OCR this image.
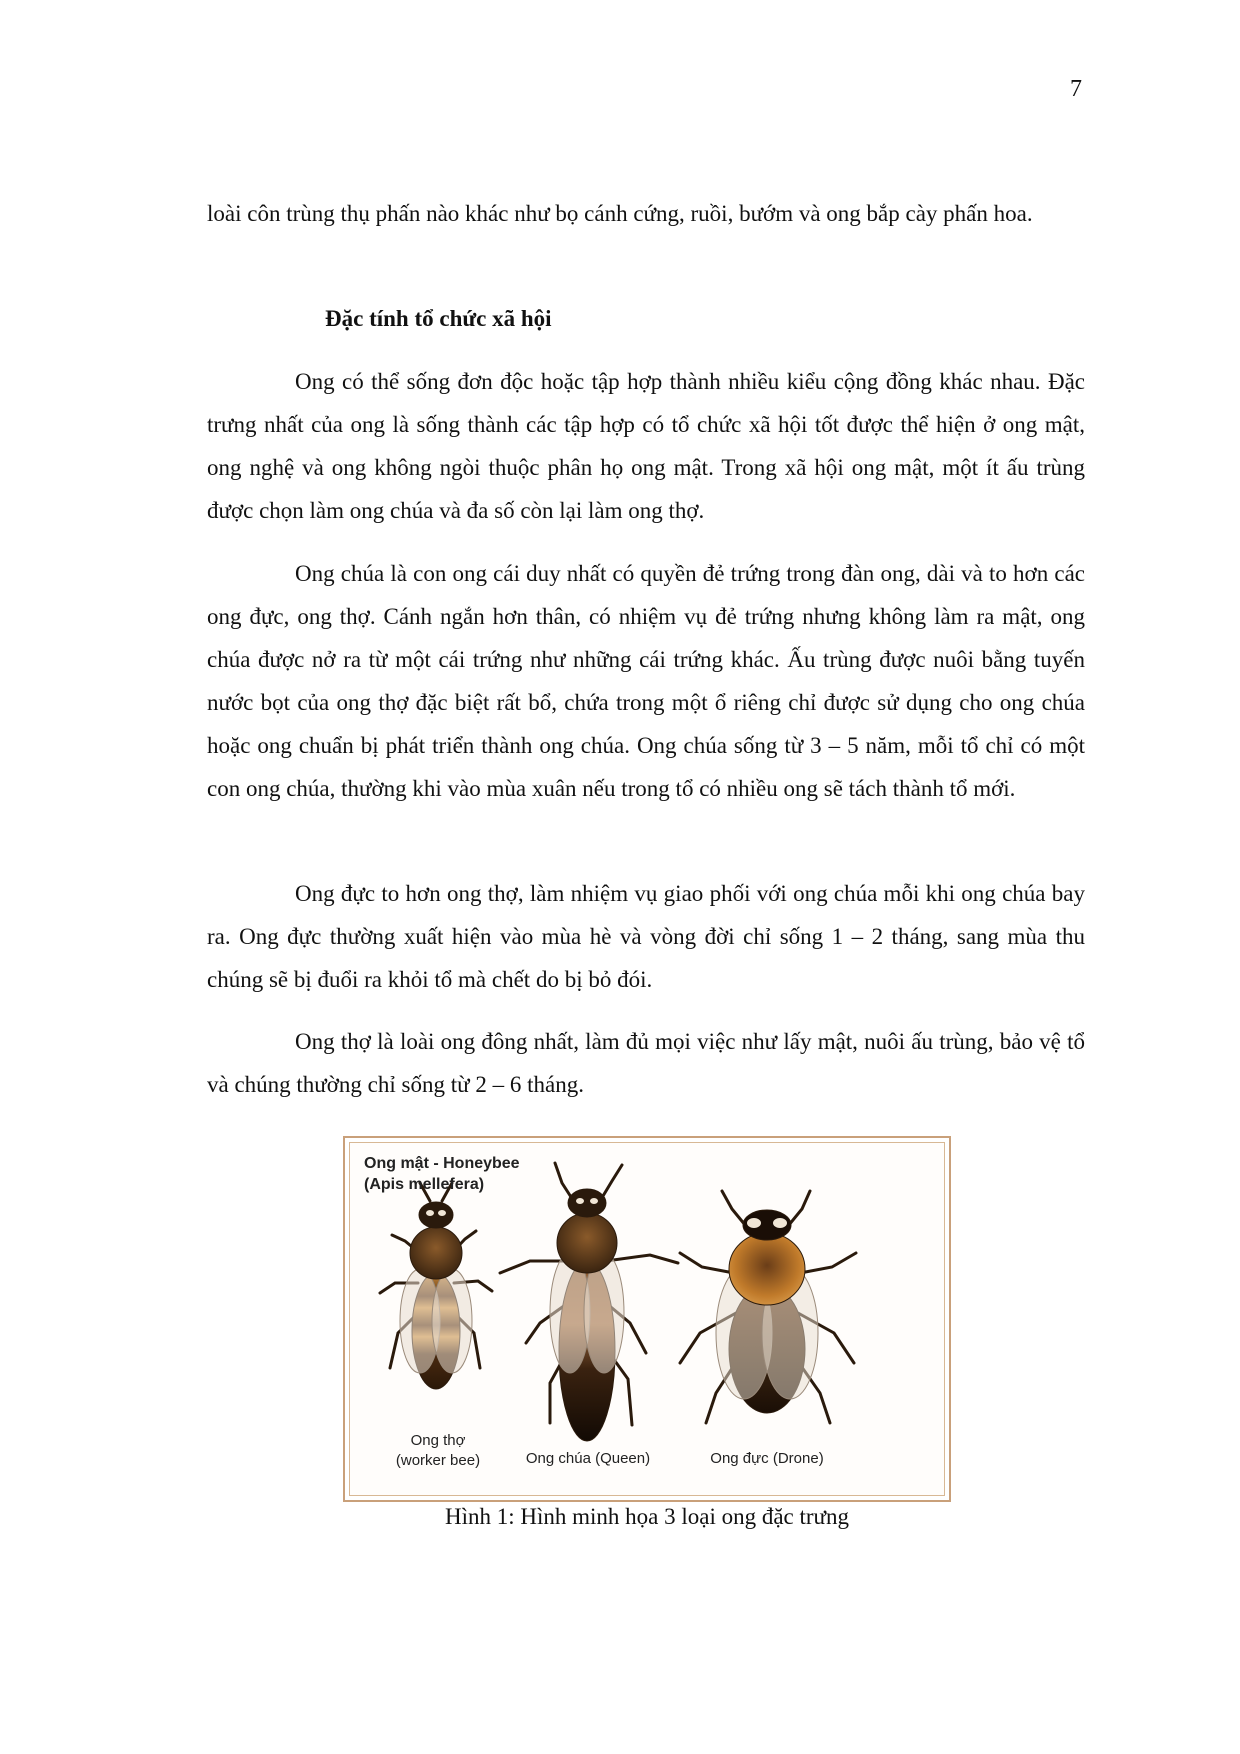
7

loài côn trùng thụ phấn nào khác như bọ cánh cứng, ruồi, bướm và ong bắp cày phấn hoa.

Đặc tính tổ chức xã hội

Ong có thể sống đơn độc hoặc tập hợp thành nhiều kiểu cộng đồng khác nhau. Đặc trưng nhất của ong là sống thành các tập hợp có tổ chức xã hội tốt được thể hiện ở ong mật, ong nghệ và ong không ngòi thuộc phân họ ong mật. Trong xã hội ong mật, một ít ấu trùng được chọn làm ong chúa và đa số còn lại làm ong thợ.

Ong chúa là con ong cái duy nhất có quyền đẻ trứng trong đàn ong, dài và to hơn các ong đực, ong thợ. Cánh ngắn hơn thân, có nhiệm vụ đẻ trứng nhưng không làm ra mật, ong chúa được nở ra từ một cái trứng như những cái trứng khác. Ấu trùng được nuôi bằng tuyến nước bọt của ong thợ đặc biệt rất bổ, chứa trong một ổ riêng chỉ được sử dụng cho ong chúa hoặc ong chuẩn bị phát triển thành ong chúa. Ong chúa sống từ 3 – 5 năm, mỗi tổ chỉ có một con ong chúa, thường khi vào mùa xuân nếu trong tổ có nhiều ong sẽ tách thành tổ mới.

Ong đực to hơn ong thợ, làm nhiệm vụ giao phối với ong chúa mỗi khi ong chúa bay ra. Ong đực thường xuất hiện vào mùa hè và vòng đời chỉ sống 1 – 2 tháng, sang mùa thu chúng sẽ bị đuổi ra khỏi tổ mà chết do bị bỏ đói.

Ong thợ là loài ong đông nhất, làm đủ mọi việc như lấy mật, nuôi ấu trùng, bảo vệ tổ và chúng thường chỉ sống từ 2 – 6 tháng.

Ong mật - Honeybee
(Apis mellefera)
Ong thợ
(worker bee)	Ong chúa (Queen)	Ong đực (Drone)
Hình 1: Hình minh họa 3 loại ong đặc trưng
